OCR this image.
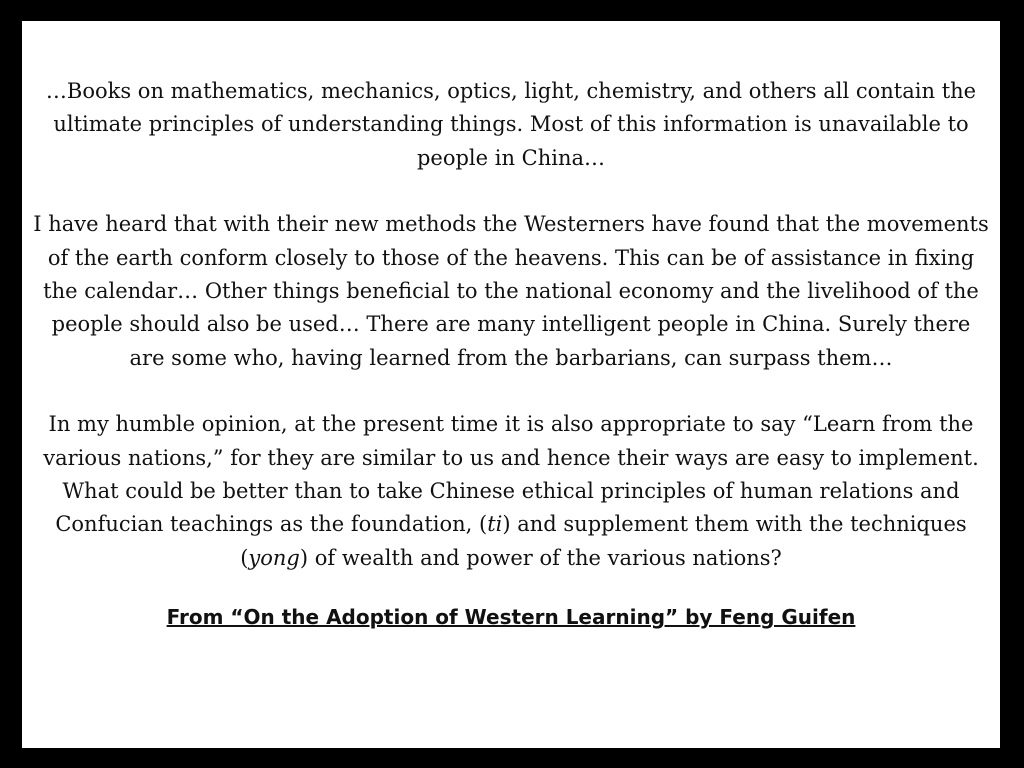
…Books on mathematics, mechanics, optics, light, chemistry, and others all contain the ultimate principles of understanding things. Most of this information is unavailable to people in China…

I have heard that with their new methods the Westerners have found that the movements of the earth conform closely to those of the heavens. This can be of assistance in fixing the calendar… Other things beneficial to the national economy and the livelihood of the people should also be used… There are many intelligent people in China. Surely there are some who, having learned from the barbarians, can surpass them…

In my humble opinion, at the present time it is also appropriate to say “Learn from the various nations,” for they are similar to us and hence their ways are easy to implement. What could be better than to take Chinese ethical principles of human relations and Confucian teachings as the foundation, (ti) and supplement them with the techniques (yong) of wealth and power of the various nations?

From “On the Adoption of Western Learning” by Feng Guifen
